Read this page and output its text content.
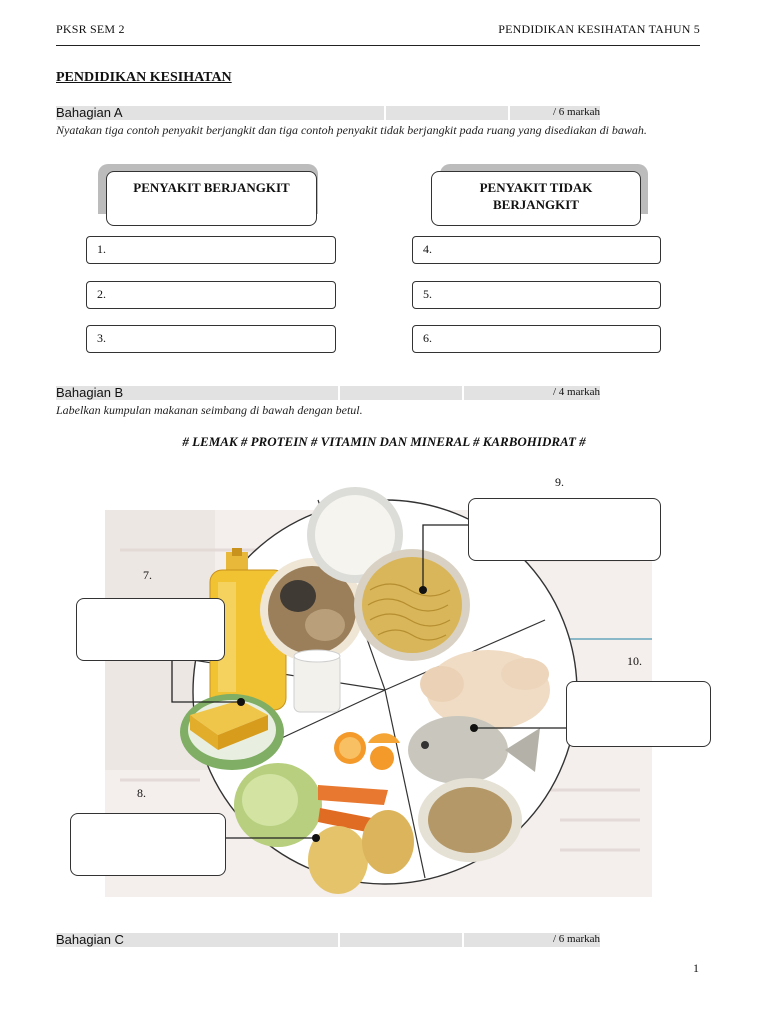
PKSR SEM 2	PENDIDIKAN KESIHATAN TAHUN 5
PENDIDIKAN KESIHATAN
Bahagian A	/ 6 markah
Nyatakan tiga contoh penyakit berjangkit dan tiga contoh penyakit tidak berjangkit pada ruang yang disediakan di bawah.
PENYAKIT BERJANGKIT	PENYAKIT TIDAK BERJANGKIT
1.
2.
3.
4.
5.
6.
Bahagian B	/ 4 markah
Labelkan kumpulan makanan seimbang di bawah dengan betul.
# LEMAK # PROTEIN # VITAMIN DAN MINERAL # KARBOHIDRAT #
9.
7.
10.
8.
Bahagian C	/ 6 markah
1
